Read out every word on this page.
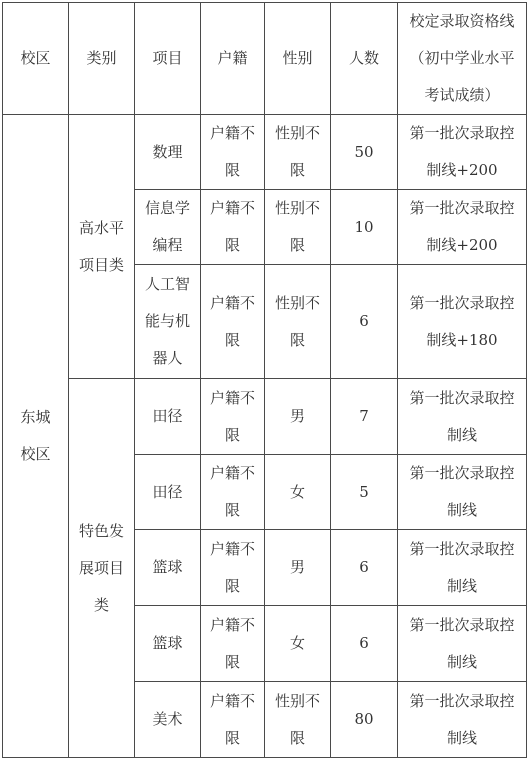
校区	类别	项目	户籍	性别	人数	校定录取资格线（初中学业水平考试成绩）
东城校区	高水平项目类	数理	户籍不限	性别不限	50	第一批次录取控制线+200
		信息学编程	户籍不限	性别不限	10	第一批次录取控制线+200
		人工智能与机器人	户籍不限	性别不限	6	第一批次录取控制线+180
	特色发展项目类	田径	户籍不限	男	7	第一批次录取控制线
		田径	户籍不限	女	5	第一批次录取控制线
		篮球	户籍不限	男	6	第一批次录取控制线
		篮球	户籍不限	女	6	第一批次录取控制线
		美术	户籍不限	性别不限	80	第一批次录取控制线
